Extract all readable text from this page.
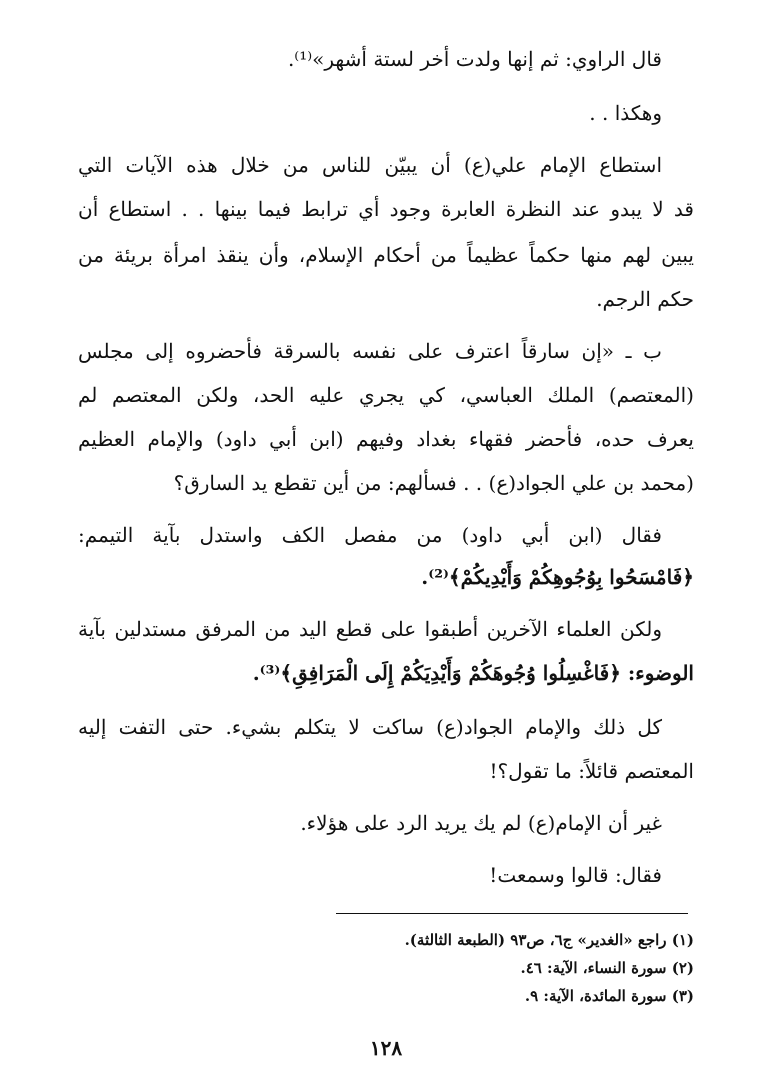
قال الراوي: ثم إنها ولدت أخر لستة أشهر»⁽¹⁾.
وهكذا . .
استطاع الإمام علي(ع) أن يبيّن للناس من خلال هذه الآيات التي
قد لا يبدو عند النظرة العابرة وجود أي ترابط فيما بينها . . استطاع أن
يبين لهم منها حكماً عظيماً من أحكام الإسلام، وأن ينقذ امرأة بريئة من
حكم الرجم.
ب ـ «إن سارقاً اعترف على نفسه بالسرقة فأحضروه إلى مجلس
(المعتصم) الملك العباسي، كي يجري عليه الحد، ولكن المعتصم لم
يعرف حده، فأحضر فقهاء بغداد وفيهم (ابن أبي داود) والإمام العظيم
(محمد بن علي الجواد(ع) . . فسألهم: من أين تقطع يد السارق؟
فقال (ابن أبي داود) من مفصل الكف واستدل بآية التيمم:
﴿فَامْسَحُوا بِوُجُوهِكُمْ وَأَيْدِيكُمْ﴾⁽²⁾.
ولكن العلماء الآخرين أطبقوا على قطع اليد من المرفق مستدلين بآية
الوضوء: ﴿فَاغْسِلُوا وُجُوهَكُمْ وَأَيْدِيَكُمْ إِلَى الْمَرَافِقِ﴾⁽³⁾.
كل ذلك والإمام الجواد(ع) ساكت لا يتكلم بشيء. حتى التفت إليه
المعتصم قائلاً: ما تقول؟!
غير أن الإمام(ع) لم يك يريد الرد على هؤلاء.
فقال: قالوا وسمعت!
(١) راجع «الغدير» ج٦، ص٩٣ (الطبعة الثالثة).
(٢) سورة النساء، الآية: ٤٦.
(٣) سورة المائدة، الآية: ٩.
١٢٨
